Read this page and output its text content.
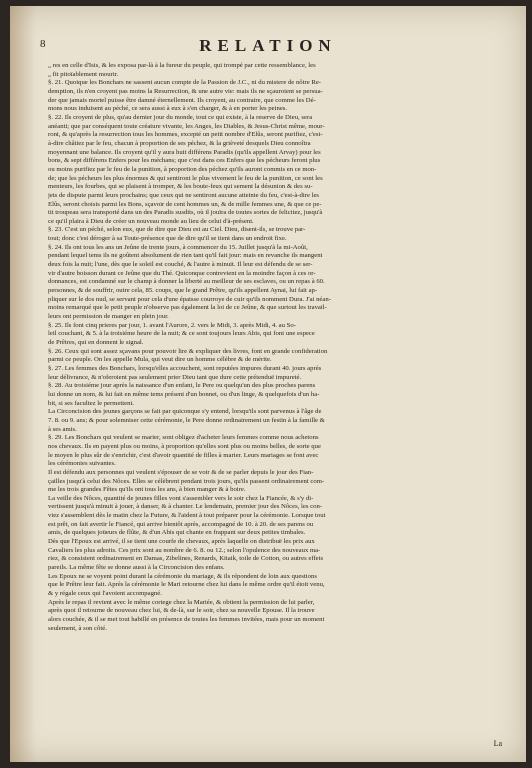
8	RELATION
„ res en celle d'Isis, & les exposa par-là à la fureur du peuple, qui trompé par cette ressemblance, les
„ fit pitoïablement mourir.
§. 21. Quoique les Bonchars ne sassent aucun compte de la Passion de J.C., ni du mistere de nôtre Re-
demption, ils n'en croyent pas moins la Resurrection, & une autre vie: mais ils ne sçauroient se persua-
der que jamais mortel puisse être damné éternellement. Ils croyent, au contraire, que comme les Dé-
mons nous induisent au péché, ce sera aussi à eux à s'en charger, & à en porter les peines.
§. 22. Ils croyent de plus, qu'au dernier jour du monde, tout ce qui existe, à la reserve de Dieu, sera
anéanti; que par conséquent toute créature vivante, les Anges, les Diables, & Jesus-Christ même, mour-
ront, & qu'après la resurrection tous les hommes, excepté un petit nombre d'Elûs, seront purifiez, c'est-
à-dire châtiez par le feu, chacun à proportion de ses péchez, & la grièveté desquels Dieu connoîtra
moyennant une balance. Ils croyent qu'il y aura huit différens Paradis (qu'ils appellent Arvay) pour les
bons, & sept différens Enfers pour les méchans; que c'est dans ces Enfers que les pécheurs feront plus
ou moins purifiez par le feu de la punition, à proportion des péchez qu'ils auront commis en ce mon-
de; que les pécheurs les plus énormes & qui sentiront le plus vivement le feu de la punition, ce sont les
menteurs, les fourbes, qui se plaisent à tromper, & les boute-feux qui sement la désunion & des su-
jets de dispute parmi leurs prochains; que ceux qui ne sentiront aucune atteinte du feu, c'est-à-dire les
Elûs, seront choisis parmi les Bons, sçavoir de cent hommes un, & de mille femmes une, & que ce pe-
tit troupeau sera transporté dans un des Paradis susdits, où il jouïra de toutes sortes de felicitez, jusqu'à
ce qu'il plaira à Dieu de créer un nouveau monde au lieu de celui d'à-présent.
§. 23. C'est un péché, selon eux, que de dire que Dieu est au Ciel. Dieu, disent-ils, se trouve par-
tout; donc c'est déroger à sa Toute-présence que de dire qu'il se tient dans un endroit fixe.
§. 24. Ils ont tous les ans un Jeûne de trente jours, à commencer du 15. Juillet jusqu'à la mi-Août,
pendant lequel tems ils ne goûtent absolument de rien tant qu'il fait jour: mais en revanche ils mangent
deux fois la nuit; l'une, dès que le soleil est couché, & l'autre à minuit. Il leur est défendu de se ser-
vir d'autre boisson durant ce Jeûne que du Thé. Quiconque contrevient en la moindre façon à ces or-
donnances, est condamné sur le champ à donner la liberté au meilleur de ses esclaves, ou un repas à 60.
personnes, & de souffrir, outre cela, 85. coups, que le grand Prêtre, qu'ils appellent Aynai, lui fait ap-
pliquer sur le dos nud, se servant pour cela d'une épaisse courroye de cuir qu'ils nomment Dura. J'ai néan-
moins remarqué que le petit peuple n'observe pas également la loi de ce Jeûne, & que surtout les travail-
leurs ont permission de manger en plein jour.
§. 25. Ils font cinq prieres par jour, 1. avant l'Aurore, 2. vers le Midi, 3. après Midi, 4. au So-
leil couchant, & 5. à la troisiéme heure de la nuit; & ce sont toujours leurs Abis, qui font une espece
de Prêtres, qui en donnent le signal.
§. 26. Ceux qui sont assez sçavans pour pouvoir lire & expliquer des livres, font en grande confideration
parmi ce peuple. On les appelle Mula, qui veut dire un homme célèbre & de mérite.
§. 27. Les femmes des Bonchars, lorsqu'elles accouchent, sont reputées impures durant 40. jours après
leur délivrance, & n'oferoient pas seulement prier Dieu tant que dure cette prétenduë impureté.
§. 28. Au troisiéme jour après la naissance d'un enfant, le Pere ou quelqu'un des plus proches parens
lui donne un nom, & lui fait en même tems présent d'un bonnet, ou d'un linge, & quelquefois d'un ha-
bit, si ses facultez le permettent.
La Circoncision des jeunes garçons se fait par quiconque s'y entend, lorsqu'ils sont parvenus à l'âge de
7. 8. ou 9. ans; & pour solemniser cette cérémonie, le Pere donne ordinairement un festin à la famille &
à ses amis.
§. 29. Les Bonchars qui veulent se marier, sont obligez d'acheter leurs femmes comme nous achetons
nos chevaux. Ils en payent plus ou moins, à proportion qu'elles sont plus ou moins belles, de sorte que
le moyen le plus sûr de s'enrichir, c'est d'avoir quantité de filles à marier. Leurs mariages se font avec
les cérémonies suivantes.
Il est défendu aux personnes qui veulent s'épouser de se voir & de se parler depuis le jour des Fian-
çailles jusqu'à celui des Nôces. Elles se célèbrent pendant trois jours, qu'ils passent ordinairement com-
me les trois grandes Fêtes qu'ils ont tous les ans, à bien manger & à boire.
La veille des Nôces, quantité de jeunes filles vont s'assembler vers le soir chez la Fiancée, & s'y di-
vertissent jusqu'à minuit à jouer, à danser, & à chanter. Le lendemain, premier jour des Nôces, les con-
viez s'assemblent dès le matin chez la Future, & l'aident à tout préparer pour la cérémonie. Lorsque tout
est prêt, on fait avertir le Fiancé, qui arrive bientôt après, accompagné de 10. à 20. de ses parens ou
amis, de quelques joüeurs de flûte, & d'un Abis qui chante en frappant sur deux petites timbales.
Dès que l'Epoux est arrivé, il se tient une courfe de chevaux, après laquelle on distribuë les prix aux
Cavaliers les plus adroits. Ces prix sont au nombre de 6. 8. ou 12.; selon l'opulence des nouveaux ma-
riez, & consistent ordinairement en Damas, Zibelines, Renards, Kitaik, toile de Cotton, ou autres effets
pareils. La même fête se donne aussi à la Circoncision des enfans.
Les Epoux ne se voyent point durant la cérémonie du mariage, & ils répondent de loin aux questions
que le Prêtre leur fait. Après la cérémonie le Mari retourne chez lui dans le même ordre qu'il étoit venu,
& y régale ceux qui l'avoient accompagné.
Après le repas il revient avec le même cortege chez la Mariée, & obtient la permission de lui parler,
après quoi il retourne de nouveau chez lui, & de-là, sur le soir, chez sa nouvelle Epouse. Il la trouve
alors couchée, & il se met tout habillé en présence de toutes les femmes invitées, mais pour un moment
seulement, à son côté.
La
